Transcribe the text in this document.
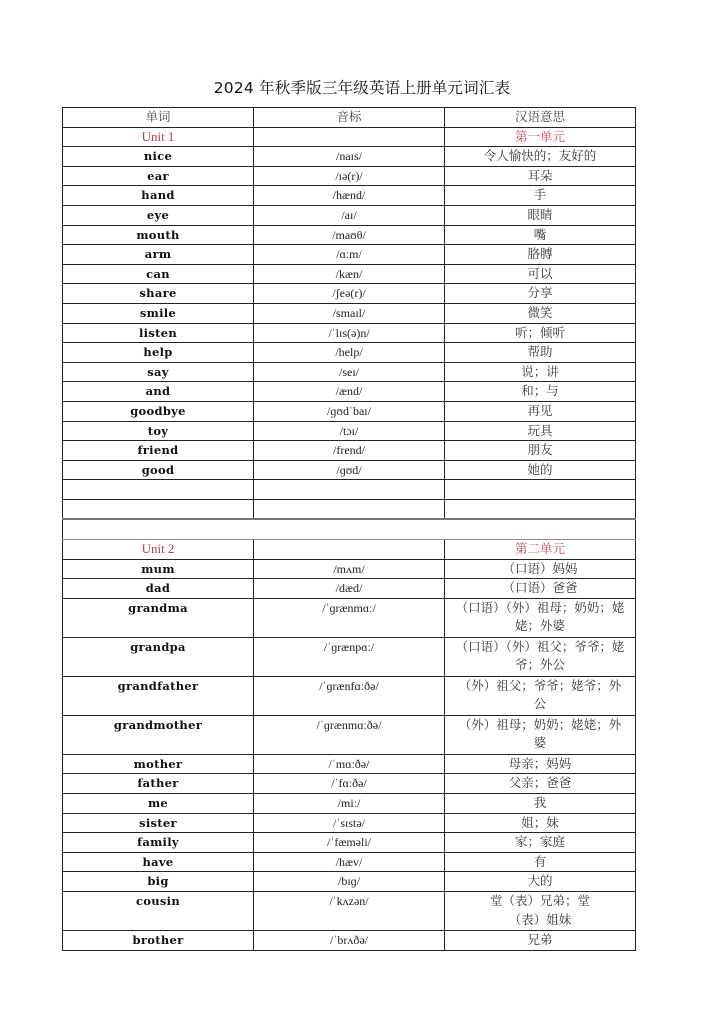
2024 年秋季版三年级英语上册单元词汇表
单词	音标	汉语意思
Unit 1		第一单元
nice	/naɪs/	令人愉快的；友好的
ear	/ɪə(r)/	耳朵
hand	/hænd/	手
eye	/aɪ/	眼睛
mouth	/maʊθ/	嘴
arm	/ɑːm/	胳膊
can	/kæn/	可以
share	/ʃeə(r)/	分享
smile	/smaɪl/	微笑
listen	/ˈlɪs(ə)n/	听；倾听
help	/help/	帮助
say	/seɪ/	说；讲
and	/ænd/	和；与
goodbye	/ɡʊdˈbaɪ/	再见
toy	/tɔɪ/	玩具
friend	/frend/	朋友
good	/ɡʊd/	她的

Unit 2		第二单元
mum	/mʌm/	（口语）妈妈
dad	/dæd/	（口语）爸爸
grandma	/ˈɡrænmɑː/	（口语）（外）祖母；奶奶；姥姥；外婆
grandpa	/ˈɡrænpɑː/	（口语）（外）祖父；爷爷；姥爷；外公
grandfather	/ˈɡrænfɑːðə/	（外）祖父；爷爷；姥爷；外公
grandmother	/ˈɡrænmɑːðə/	（外）祖母；奶奶；姥姥；外婆
mother	/ˈmɑːðə/	母亲；妈妈
father	/ˈfɑːðə/	父亲；爸爸
me	/miː/	我
sister	/ˈsɪstə/	姐；妹
family	/ˈfæməli/	家；家庭
have	/hæv/	有
big	/bɪɡ/	大的
cousin	/ˈkʌzən/	堂（表）兄弟；堂（表）姐妹
brother	/ˈbrʌðə/	兄弟
